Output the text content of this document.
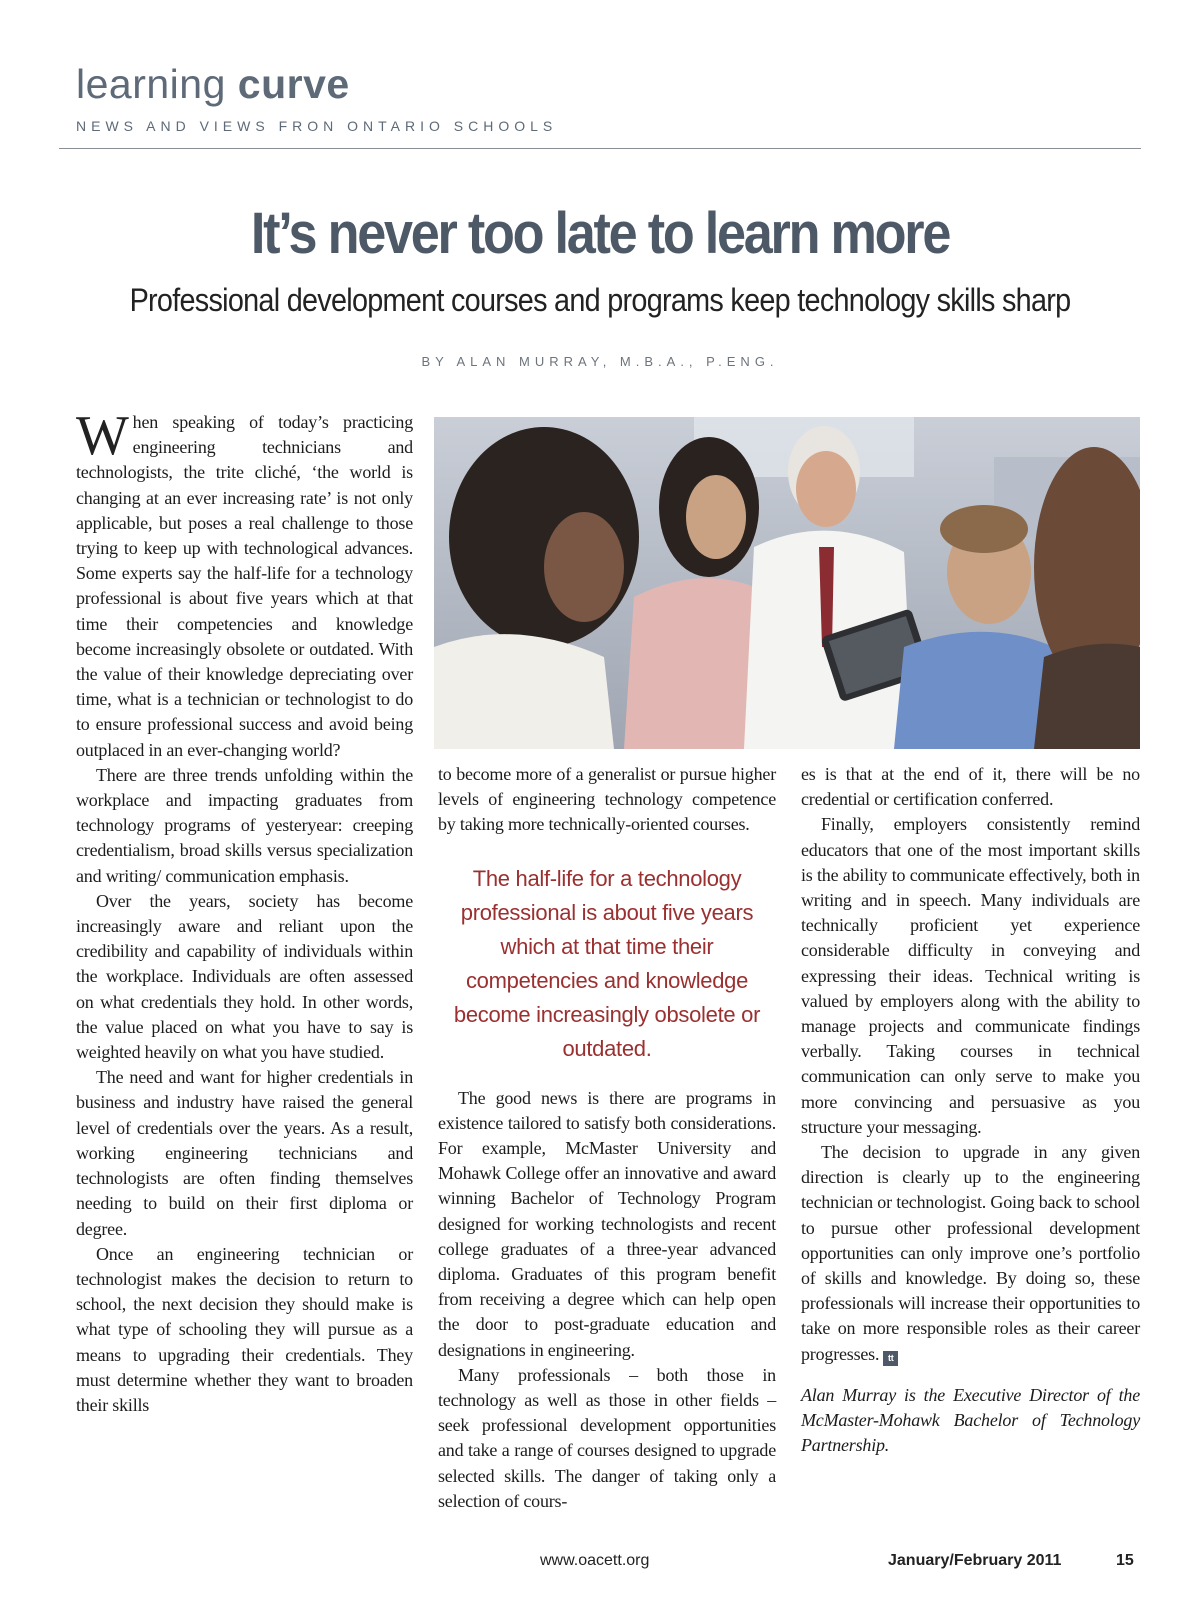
learning curve
NEWS AND VIEWS FRON ONTARIO SCHOOLS
It’s never too late to learn more
Professional development courses and programs keep technology skills sharp
BY ALAN MURRAY, M.B.A., P.ENG.

When speaking of today’s practicing engineering technicians and technologists, the trite cliché, ‘the world is changing at an ever increasing rate’ is not only applicable, but poses a real challenge to those trying to keep up with technological advances. Some experts say the half-life for a technology professional is about five years which at that time their competencies and knowledge become increasingly obsolete or outdated. With the value of their knowledge depreciating over time, what is a technician or technologist to do to ensure professional success and avoid being outplaced in an ever-changing world?

There are three trends unfolding within the workplace and impacting graduates from technology programs of yesteryear: creeping credentialism, broad skills versus specialization and writing/ communication emphasis.

Over the years, society has become increasingly aware and reliant upon the credibility and capability of individuals within the workplace. Individuals are often assessed on what credentials they hold. In other words, the value placed on what you have to say is weighted heavily on what you have studied.

The need and want for higher credentials in business and industry have raised the general level of credentials over the years. As a result, working engineering technicians and technologists are often finding themselves needing to build on their first diploma or degree.

Once an engineering technician or technologist makes the decision to return to school, the next decision they should make is what type of schooling they will pursue as a means to upgrading their credentials. They must determine whether they want to broaden their skills

to become more of a generalist or pursue higher levels of engineering technology competence by taking more technically-oriented courses.

The half-life for a technology professional is about five years which at that time their competencies and knowledge become increasingly obsolete or outdated.

The good news is there are programs in existence tailored to satisfy both considerations. For example, McMaster University and Mohawk College offer an innovative and award winning Bachelor of Technology Program designed for working technologists and recent college graduates of a three-year advanced diploma. Graduates of this program benefit from receiving a degree which can help open the door to post-graduate education and designations in engineering.

Many professionals – both those in technology as well as those in other fields – seek professional development opportunities and take a range of courses designed to upgrade selected skills. The danger of taking only a selection of cours-

es is that at the end of it, there will be no credential or certification conferred.

Finally, employers consistently remind educators that one of the most important skills is the ability to communicate effectively, both in writing and in speech. Many individuals are technically proficient yet experience considerable difficulty in conveying and expressing their ideas. Technical writing is valued by employers along with the ability to manage projects and communicate findings verbally. Taking courses in technical communication can only serve to make you more convincing and persuasive as you structure your messaging.

The decision to upgrade in any given direction is clearly up to the engineering technician or technologist. Going back to school to pursue other professional development opportunities can only improve one’s portfolio of skills and knowledge. By doing so, these professionals will increase their opportunities to take on more responsible roles as their career progresses. tt

Alan Murray is the Executive Director of the McMaster-Mohawk Bachelor of Technology Partnership.

www.oacett.org	January/February 2011	15
